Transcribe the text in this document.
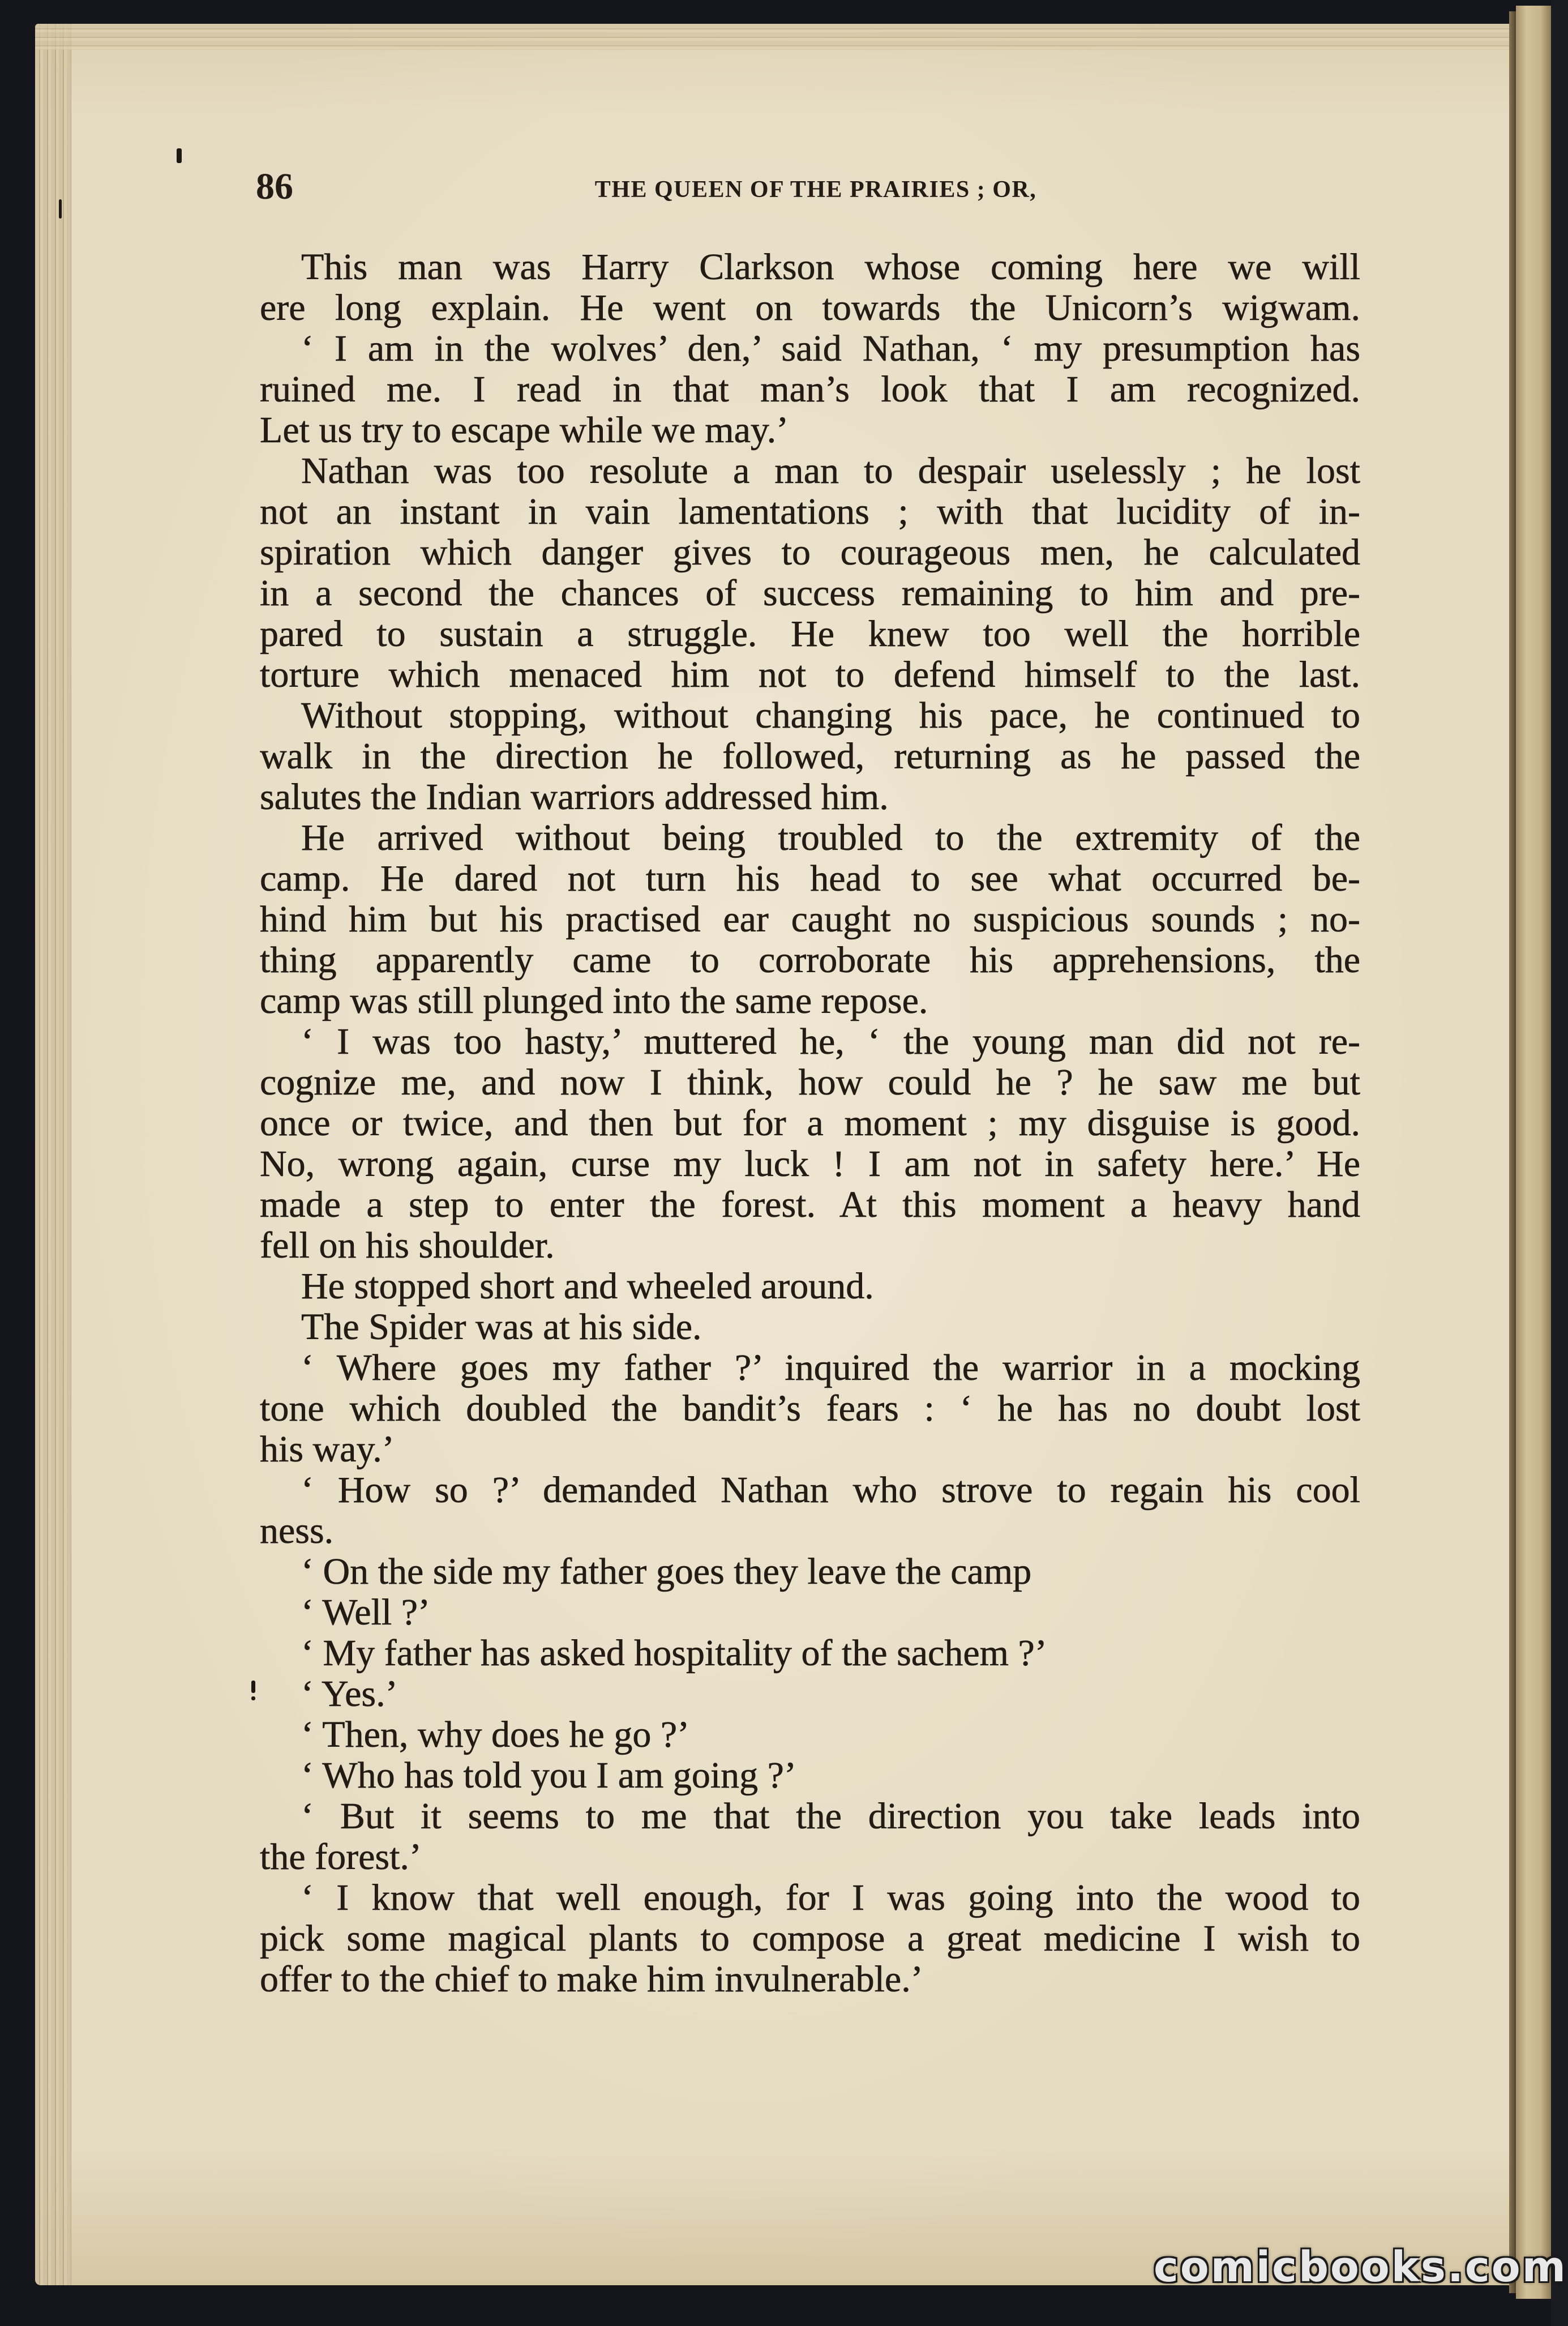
86	THE QUEEN OF THE PRAIRIES ; OR,
This man was Harry Clarkson whose coming here we will
ere long explain. He went on towards the Unicorn’s wigwam.
‘ I am in the wolves’ den,’ said Nathan, ‘ my presumption has
ruined me. I read in that man’s look that I am recognized.
Let us try to escape while we may.’
Nathan was too resolute a man to despair uselessly ; he lost
not an instant in vain lamentations ; with that lucidity of in-
spiration which danger gives to courageous men, he calculated
in a second the chances of success remaining to him and pre-
pared to sustain a struggle. He knew too well the horrible
torture which menaced him not to defend himself to the last.
Without stopping, without changing his pace, he continued to
walk in the direction he followed, returning as he passed the
salutes the Indian warriors addressed him.
He arrived without being troubled to the extremity of the
camp. He dared not turn his head to see what occurred be-
hind him but his practised ear caught no suspicious sounds ; no-
thing apparently came to corroborate his apprehensions, the
camp was still plunged into the same repose.
‘ I was too hasty,’ muttered he, ‘ the young man did not re-
cognize me, and now I think, how could he ? he saw me but
once or twice, and then but for a moment ; my disguise is good.
No, wrong again, curse my luck ! I am not in safety here.’ He
made a step to enter the forest. At this moment a heavy hand
fell on his shoulder.
He stopped short and wheeled around.
The Spider was at his side.
‘ Where goes my father ?’ inquired the warrior in a mocking
tone which doubled the bandit’s fears : ‘ he has no doubt lost
his way.’
‘ How so ?’ demanded Nathan who strove to regain his cool
ness.
‘ On the side my father goes they leave the camp
‘ Well ?’
‘ My father has asked hospitality of the sachem ?’
‘ Yes.’
‘ Then, why does he go ?’
‘ Who has told you I am going ?’
‘ But it seems to me that the direction you take leads into
the forest.’
‘ I know that well enough, for I was going into the wood to
pick some magical plants to compose a great medicine I wish to
offer to the chief to make him invulnerable.’
comicbooks.com
